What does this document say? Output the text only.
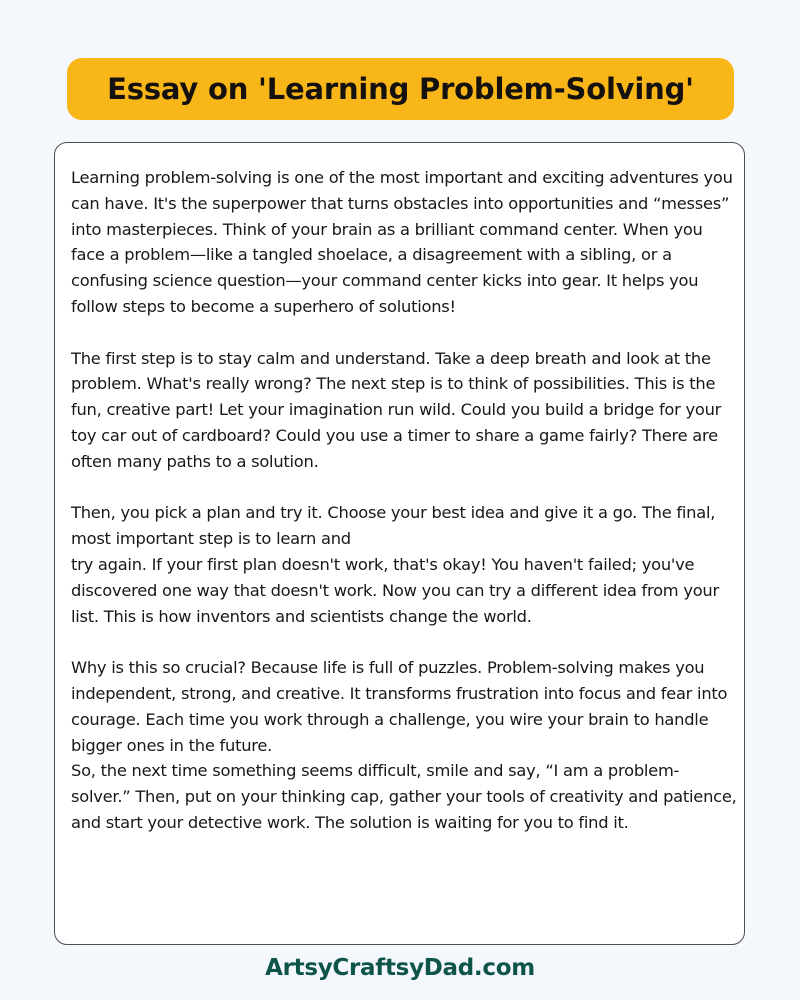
Essay on 'Learning Problem-Solving'

Learning problem-solving is one of the most important and exciting adventures you can have. It's the superpower that turns obstacles into opportunities and “messes” into masterpieces. Think of your brain as a brilliant command center. When you face a problem—like a tangled shoelace, a disagreement with a sibling, or a confusing science question—your command center kicks into gear. It helps you follow steps to become a superhero of solutions!

The first step is to stay calm and understand. Take a deep breath and look at the problem. What's really wrong? The next step is to think of possibilities. This is the fun, creative part! Let your imagination run wild. Could you build a bridge for your toy car out of cardboard? Could you use a timer to share a game fairly? There are often many paths to a solution.

Then, you pick a plan and try it. Choose your best idea and give it a go. The final, most important step is to learn and
try again. If your first plan doesn't work, that's okay! You haven't failed; you've discovered one way that doesn't work. Now you can try a different idea from your list. This is how inventors and scientists change the world.

Why is this so crucial? Because life is full of puzzles. Problem-solving makes you independent, strong, and creative. It transforms frustration into focus and fear into courage. Each time you work through a challenge, you wire your brain to handle bigger ones in the future.
So, the next time something seems difficult, smile and say, “I am a problem-solver.” Then, put on your thinking cap, gather your tools of creativity and patience, and start your detective work. The solution is waiting for you to find it.

ArtsyCraftsyDad.com
